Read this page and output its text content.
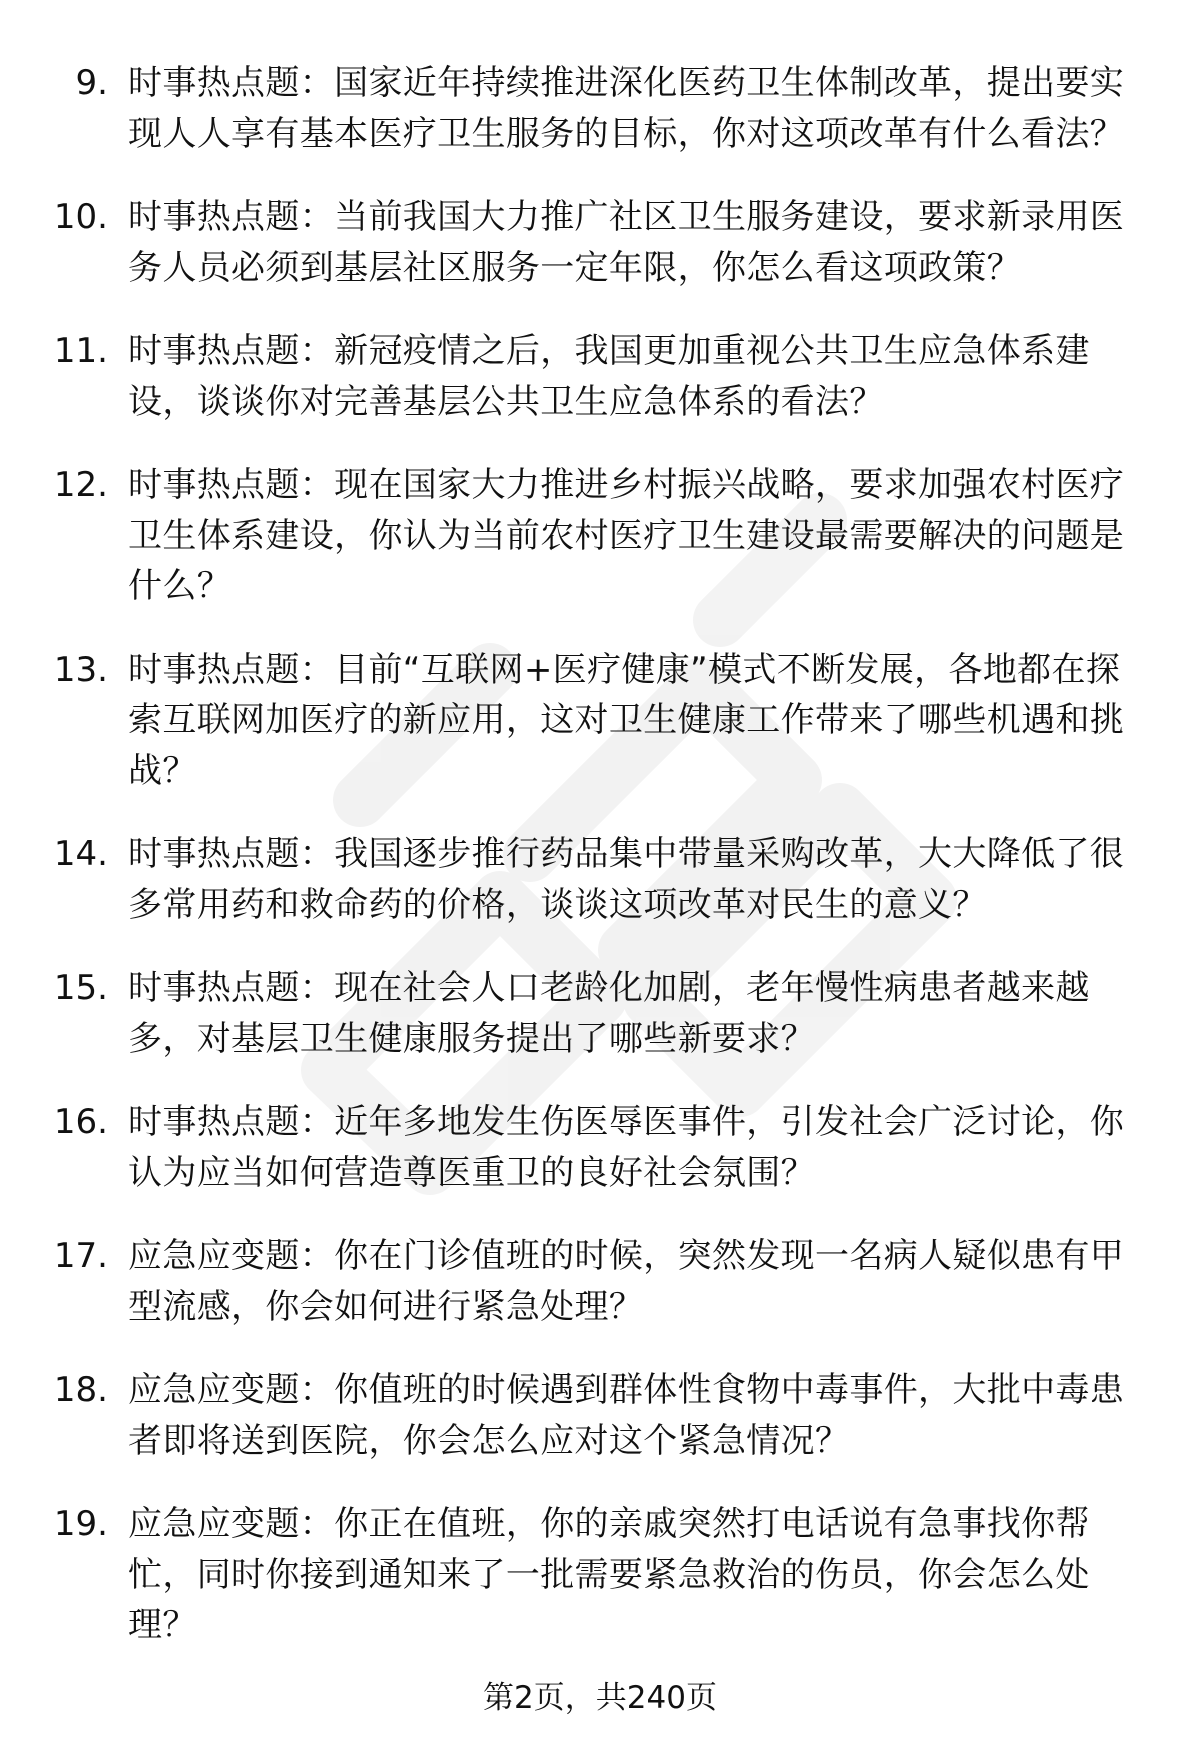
9. 时事热点题：国家近年持续推进深化医药卫生体制改革，提出要实现人人享有基本医疗卫生服务的目标，你对这项改革有什么看法？
10. 时事热点题：当前我国大力推广社区卫生服务建设，要求新录用医务人员必须到基层社区服务一定年限，你怎么看这项政策？
11. 时事热点题：新冠疫情之后，我国更加重视公共卫生应急体系建设，谈谈你对完善基层公共卫生应急体系的看法？
12. 时事热点题：现在国家大力推进乡村振兴战略，要求加强农村医疗卫生体系建设，你认为当前农村医疗卫生建设最需要解决的问题是什么？
13. 时事热点题：目前“互联网+医疗健康”模式不断发展，各地都在探索互联网加医疗的新应用，这对卫生健康工作带来了哪些机遇和挑战？
14. 时事热点题：我国逐步推行药品集中带量采购改革，大大降低了很多常用药和救命药的价格，谈谈这项改革对民生的意义？
15. 时事热点题：现在社会人口老龄化加剧，老年慢性病患者越来越多，对基层卫生健康服务提出了哪些新要求？
16. 时事热点题：近年多地发生伤医辱医事件，引发社会广泛讨论，你认为应当如何营造尊医重卫的良好社会氛围？
17. 应急应变题：你在门诊值班的时候，突然发现一名病人疑似患有甲型流感，你会如何进行紧急处理？
18. 应急应变题：你值班的时候遇到群体性食物中毒事件，大批中毒患者即将送到医院，你会怎么应对这个紧急情况？
19. 应急应变题：你正在值班，你的亲戚突然打电话说有急事找你帮忙，同时你接到通知来了一批需要紧急救治的伤员，你会怎么处理？
第2页，共240页
